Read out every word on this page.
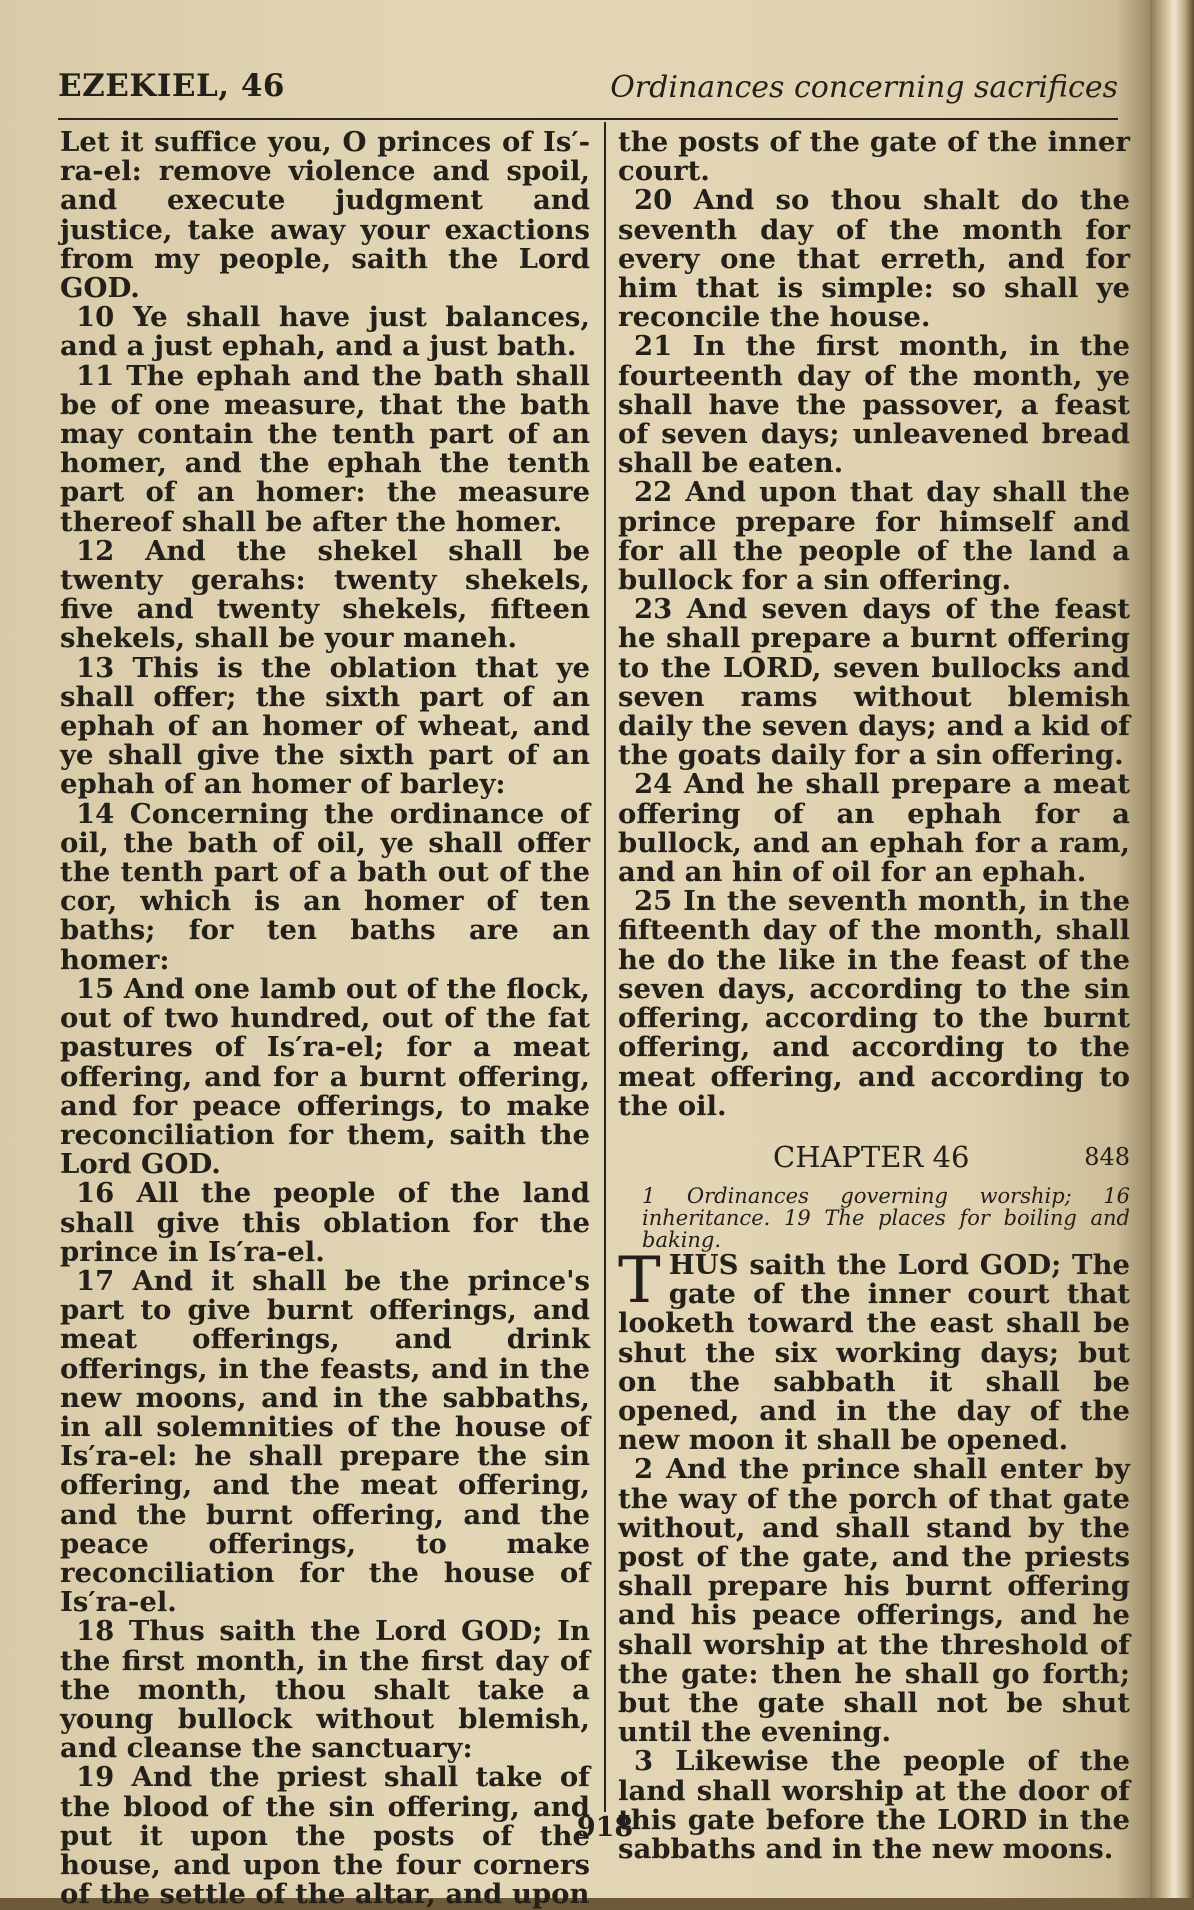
EZEKIEL, 46	Ordinances concerning sacrifices

Let it suffice you, O princes of Is′-ra-el: remove violence and spoil, and execute judgment and justice, take away your exactions from my people, saith the Lord GOD.

10 Ye shall have just balances, and a just ephah, and a just bath.

11 The ephah and the bath shall be of one measure, that the bath may contain the tenth part of an homer, and the ephah the tenth part of an homer: the measure thereof shall be after the homer.

12 And the shekel shall be twenty gerahs: twenty shekels, five and twenty shekels, fifteen shekels, shall be your maneh.

13 This is the oblation that ye shall offer; the sixth part of an ephah of an homer of wheat, and ye shall give the sixth part of an ephah of an homer of barley:

14 Concerning the ordinance of oil, the bath of oil, ye shall offer the tenth part of a bath out of the cor, which is an homer of ten baths; for ten baths are an homer:

15 And one lamb out of the flock, out of two hundred, out of the fat pastures of Is′ra-el; for a meat offering, and for a burnt offering, and for peace offerings, to make reconciliation for them, saith the Lord GOD.

16 All the people of the land shall give this oblation for the prince in Is′ra-el.

17 And it shall be the prince's part to give burnt offerings, and meat offerings, and drink offerings, in the feasts, and in the new moons, and in the sabbaths, in all solemnities of the house of Is′ra-el: he shall prepare the sin offering, and the meat offering, and the burnt offering, and the peace offerings, to make reconciliation for the house of Is′ra-el.

18 Thus saith the Lord GOD; In the first month, in the first day of the month, thou shalt take a young bullock without blemish, and cleanse the sanctuary:

19 And the priest shall take of the blood of the sin offering, and put it upon the posts of the house, and upon the four corners of the settle of the altar, and upon

the posts of the gate of the inner court.

20 And so thou shalt do the seventh day of the month for every one that erreth, and for him that is simple: so shall ye reconcile the house.

21 In the first month, in the fourteenth day of the month, ye shall have the passover, a feast of seven days; unleavened bread shall be eaten.

22 And upon that day shall the prince prepare for himself and for all the people of the land a bullock for a sin offering.

23 And seven days of the feast he shall prepare a burnt offering to the LORD, seven bullocks and seven rams without blemish daily the seven days; and a kid of the goats daily for a sin offering.

24 And he shall prepare a meat offering of an ephah for a bullock, and an ephah for a ram, and an hin of oil for an ephah.

25 In the seventh month, in the fifteenth day of the month, shall he do the like in the feast of the seven days, according to the sin offering, according to the burnt offering, and according to the meat offering, and according to the oil.

CHAPTER 46	848

1 Ordinances governing worship; 16 inheritance. 19 The places for boiling and baking.

T HUS saith the Lord GOD; The gate of the inner court that looketh toward the east shall be shut the six working days; but on the sabbath it shall be opened, and in the day of the new moon it shall be opened.

2 And the prince shall enter by the way of the porch of that gate without, and shall stand by the post of the gate, and the priests shall prepare his burnt offering and his peace offerings, and he shall worship at the threshold of the gate: then he shall go forth; but the gate shall not be shut until the evening.

3 Likewise the people of the land shall worship at the door of this gate before the LORD in the sabbaths and in the new moons.

918
